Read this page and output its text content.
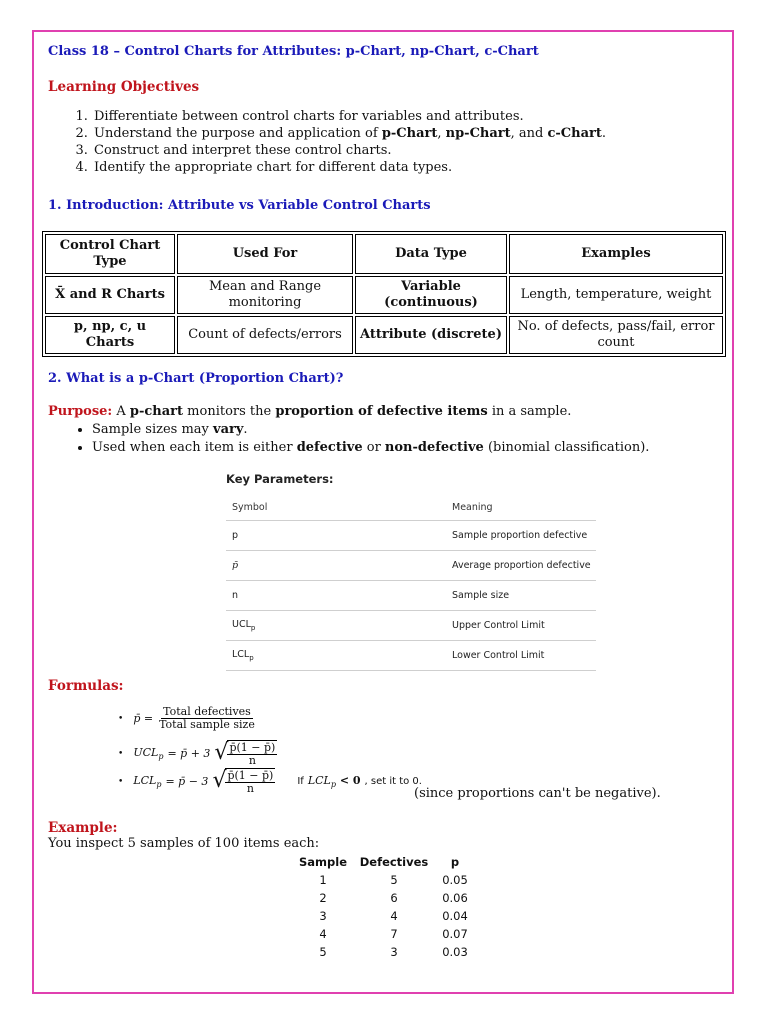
Class 18 – Control Charts for Attributes: p-Chart, np-Chart, c-Chart
Learning Objectives
1. Differentiate between control charts for variables and attributes.
2. Understand the purpose and application of p-Chart, np-Chart, and c-Chart.
3. Construct and interpret these control charts.
4. Identify the appropriate chart for different data types.
1. Introduction: Attribute vs Variable Control Charts
Control Chart Type	Used For	Data Type	Examples
X̄ and R Charts	Mean and Range monitoring	Variable (continuous)	Length, temperature, weight
p, np, c, u Charts	Count of defects/errors	Attribute (discrete)	No. of defects, pass/fail, error count
2. What is a p-Chart (Proportion Chart)?
Purpose: A p-chart monitors the proportion of defective items in a sample.
• Sample sizes may vary.
• Used when each item is either defective or non-defective (binomial classification).
Key Parameters:
Symbol	Meaning
p	Sample proportion defective
p̄	Average proportion defective
n	Sample size
$UCL_p$	Upper Control Limit
$LCL_p$	Lower Control Limit
Formulas:
• p̄ = $\frac{\text{Total defectives}}{\text{Total sample size}}$
• $UCL_p$ = p̄ + 3 √ $\frac{p̄(1 - p̄)}{n}$
• $LCL_p$ = p̄ − 3 √ $\frac{p̄(1 - p̄)}{n}$ If $LCL_p < 0$ , set it to 0.
(since proportions can't be negative).
Example:
You inspect 5 samples of 100 items each:
Sample	Defectives	p
1	5	0.05
2	6	0.06
3	4	0.04
4	7	0.07
5	3	0.03
